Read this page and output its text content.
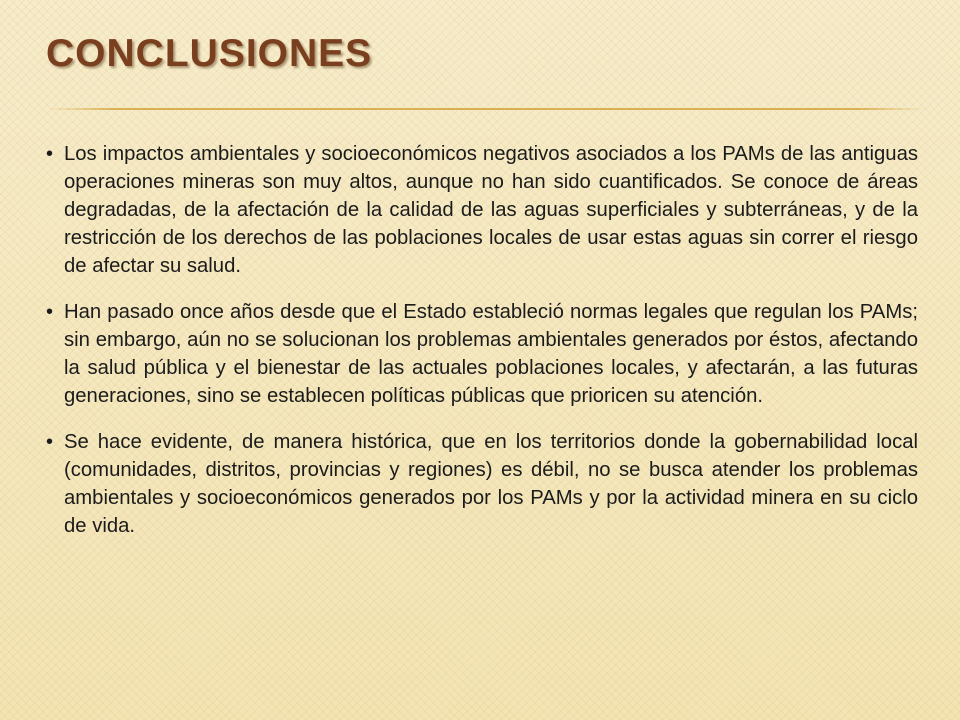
CONCLUSIONES
• Los impactos ambientales y socioeconómicos negativos asociados a los PAMs de las antiguas operaciones mineras son muy altos, aunque no han sido cuantificados. Se conoce de áreas degradadas, de la afectación de la calidad de las aguas superficiales y subterráneas, y de la restricción de los derechos de las poblaciones locales de usar estas aguas sin correr el riesgo de afectar su salud.
• Han pasado once años desde que el Estado estableció normas legales que regulan los PAMs; sin embargo, aún no se solucionan los problemas ambientales generados por éstos, afectando la salud pública y el bienestar de las actuales poblaciones locales, y afectarán, a las futuras generaciones, sino se establecen políticas públicas que prioricen su atención.
• Se hace evidente, de manera histórica, que en los territorios donde la gobernabilidad local (comunidades, distritos, provincias y regiones) es débil, no se busca atender los problemas ambientales y socioeconómicos generados por los PAMs y por la actividad minera en su ciclo de vida.
